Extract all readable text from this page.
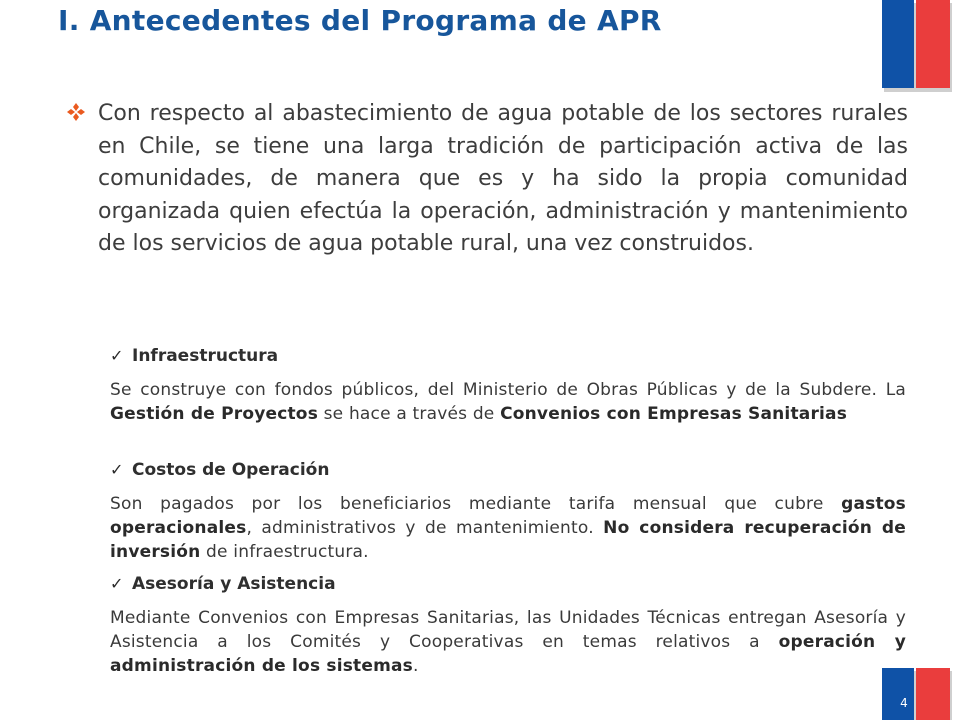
I. Antecedentes del Programa de APR

Con respecto al abastecimiento de agua potable de los sectores rurales en Chile, se tiene una larga tradición de participación activa de las comunidades, de manera que es y ha sido la propia comunidad organizada quien efectúa la operación, administración y mantenimiento de los servicios de agua potable rural, una vez construidos.

✓ Infraestructura

Se construye con fondos públicos, del Ministerio de Obras Públicas y de la Subdere. La Gestión de Proyectos se hace a través de Convenios con Empresas Sanitarias

✓ Costos de Operación

Son pagados por los beneficiarios mediante tarifa mensual que cubre gastos operacionales, administrativos y de mantenimiento. No considera recuperación de inversión de infraestructura.

✓ Asesoría y Asistencia

Mediante Convenios con Empresas Sanitarias, las Unidades Técnicas entregan Asesoría y Asistencia a los Comités y Cooperativas en temas relativos a operación y administración de los sistemas.

4
